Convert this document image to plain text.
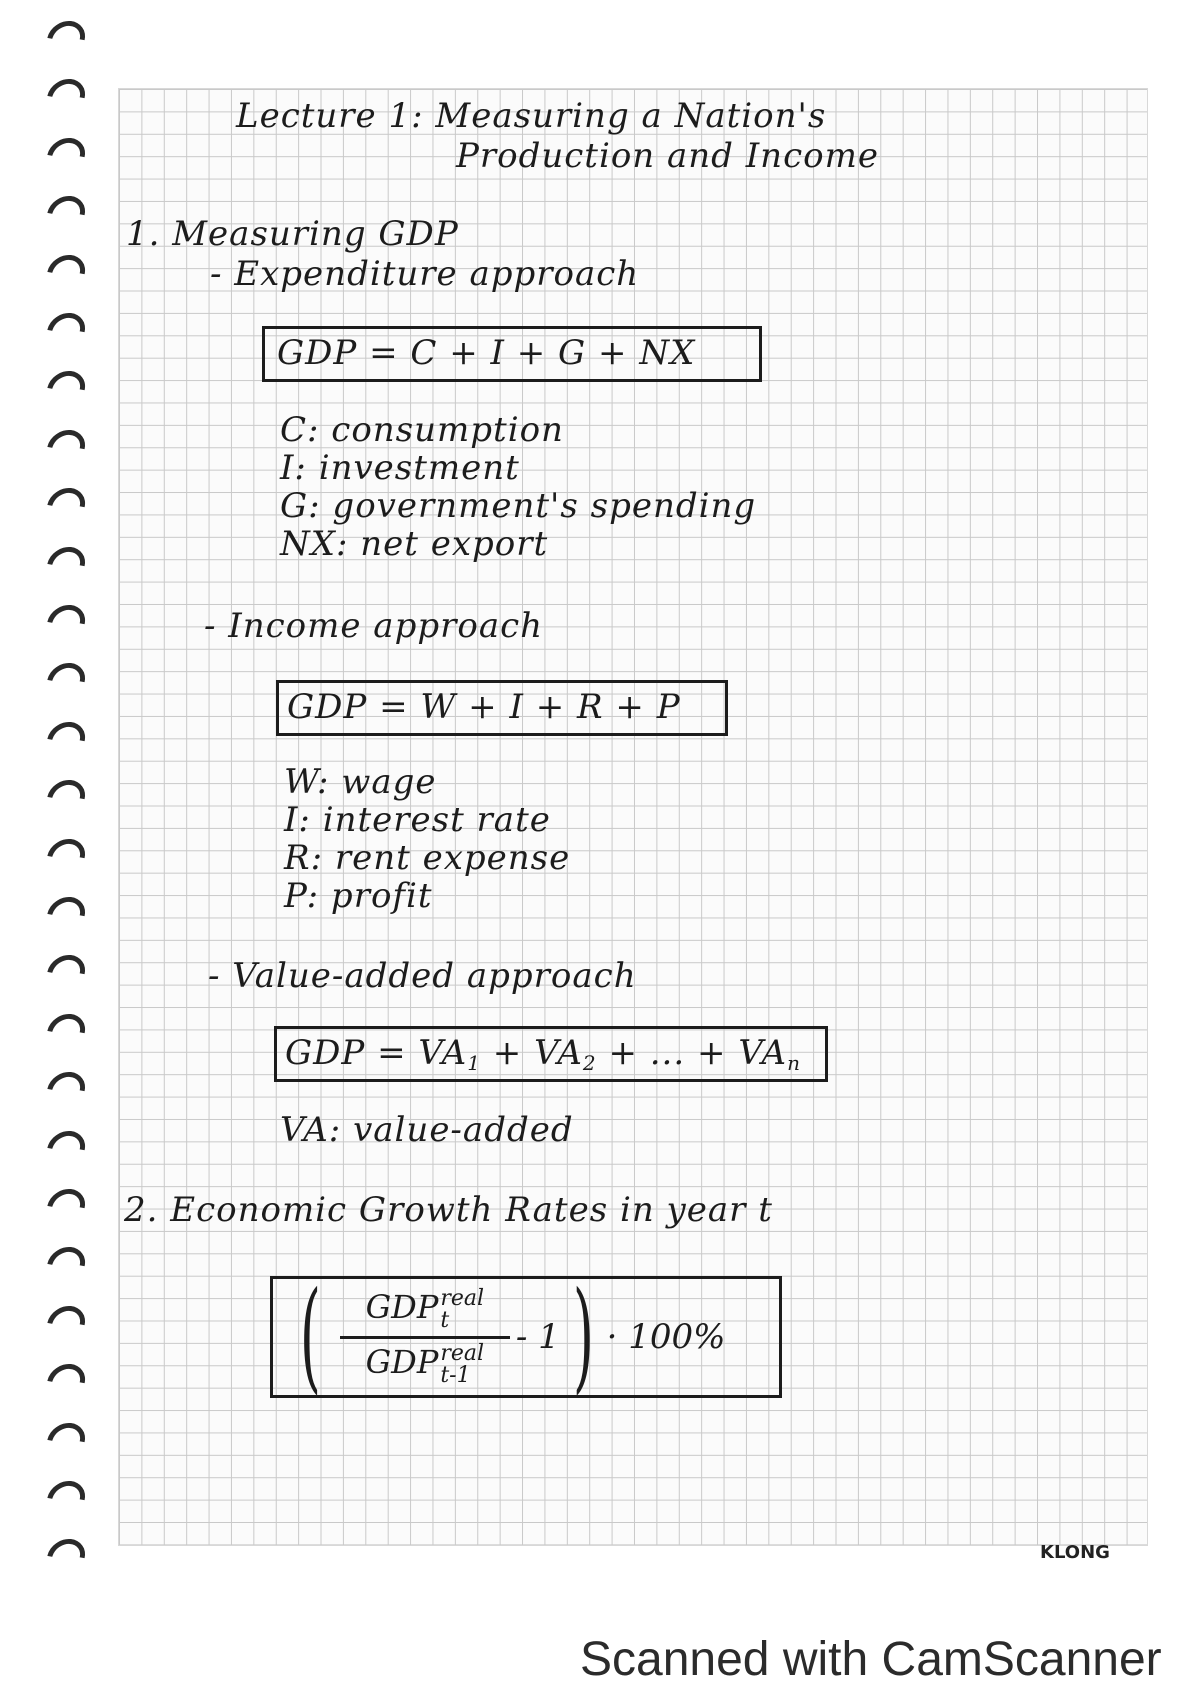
Lecture 1: Measuring a Nation's
Production and Income
1. Measuring GDP
- Expenditure approach
GDP = C + I + G + NX
C: consumption
I: investment
G: government's spending
NX: net export
- Income approach
GDP = W + I + R + P
W: wage
I: interest rate
R: rent expense
P: profit
- Value-added approach
GDP = $VA_1 + VA_2$ + ... + $VA_n$
VA: value-added
2. Economic Growth Rates in year t
( GDP real
t
GDP real
t-1 - 1 ) · 100%
KLONG
Scanned with CamScanner
